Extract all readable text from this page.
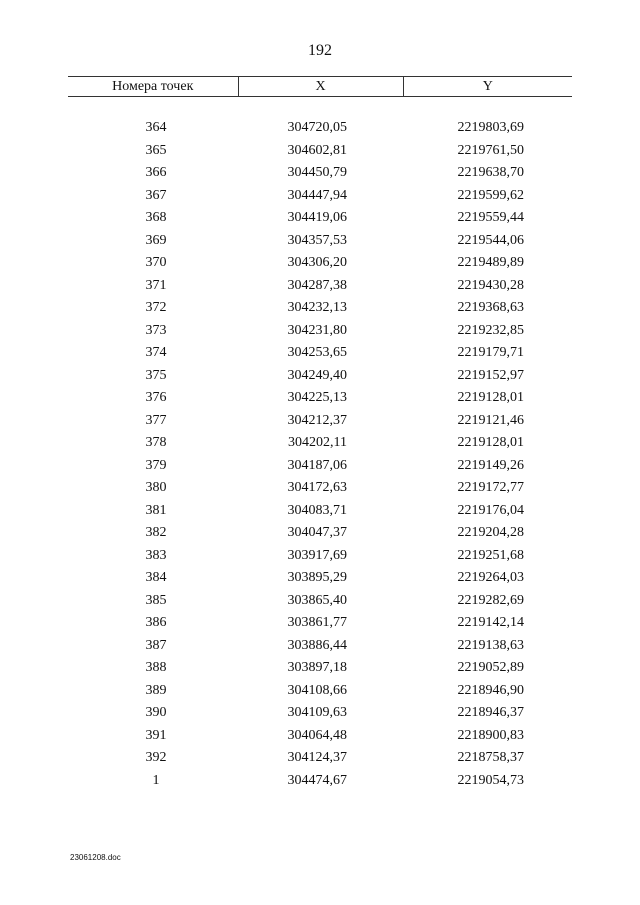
192
Номера точек	X	Y

364	304720,05	2219803,69
365	304602,81	2219761,50
366	304450,79	2219638,70
367	304447,94	2219599,62
368	304419,06	2219559,44
369	304357,53	2219544,06
370	304306,20	2219489,89
371	304287,38	2219430,28
372	304232,13	2219368,63
373	304231,80	2219232,85
374	304253,65	2219179,71
375	304249,40	2219152,97
376	304225,13	2219128,01
377	304212,37	2219121,46
378	304202,11	2219128,01
379	304187,06	2219149,26
380	304172,63	2219172,77
381	304083,71	2219176,04
382	304047,37	2219204,28
383	303917,69	2219251,68
384	303895,29	2219264,03
385	303865,40	2219282,69
386	303861,77	2219142,14
387	303886,44	2219138,63
388	303897,18	2219052,89
389	304108,66	2218946,90
390	304109,63	2218946,37
391	304064,48	2218900,83
392	304124,37	2218758,37
1	304474,67	2219054,73
23061208.doc
